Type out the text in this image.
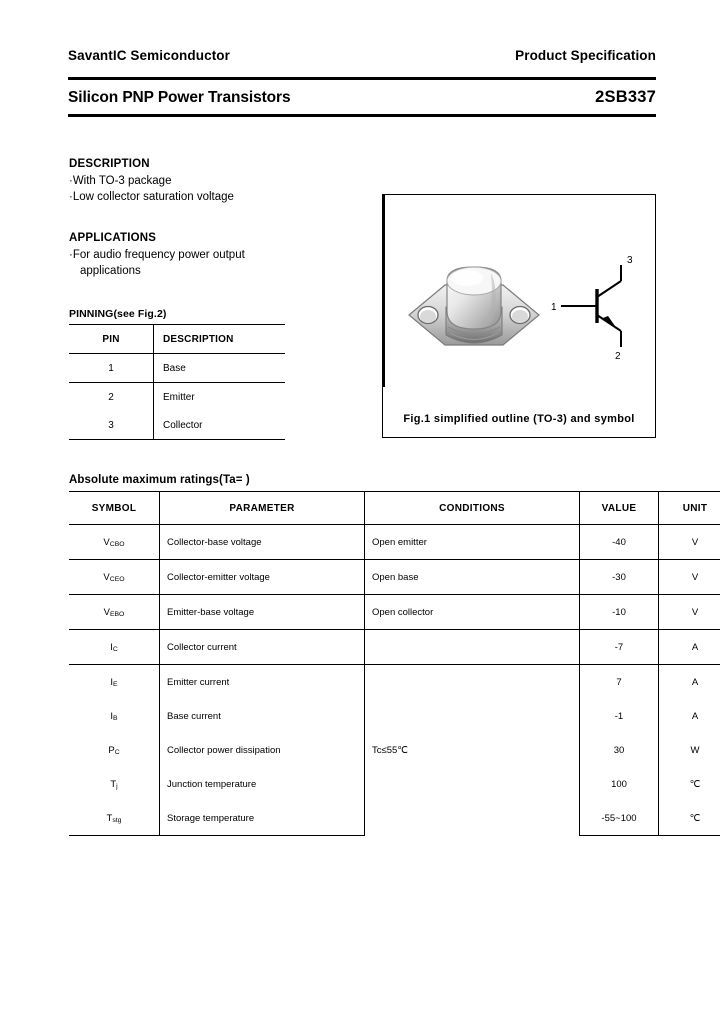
SavantIC Semiconductor	Product Specification
Silicon PNP Power Transistors	2SB337
DESCRIPTION
·With TO-3 package
·Low collector saturation voltage
APPLICATIONS
·For audio frequency power output
applications
PINNING(see Fig.2)
PIN	DESCRIPTION
1	Base
2	Emitter
3	Collector
3
1
2
Fig.1 simplified outline (TO-3) and symbol
Absolute maximum ratings(Ta= )
SYMBOL	PARAMETER	CONDITIONS	VALUE	UNIT
$V_{CBO}$	Collector-base voltage	Open emitter	-40	V
$V_{CEO}$	Collector-emitter voltage	Open base	-30	V
$V_{EBO}$	Emitter-base voltage	Open collector	-10	V
$I_C$	Collector current		-7	A
$I_E$	Emitter current	Tc≤55℃	7	A
$I_B$	Base current		-1	A
$P_C$	Collector power dissipation		30	W
$T_j$	Junction temperature		100	℃
$T_{stg}$	Storage temperature		-55~100	℃
